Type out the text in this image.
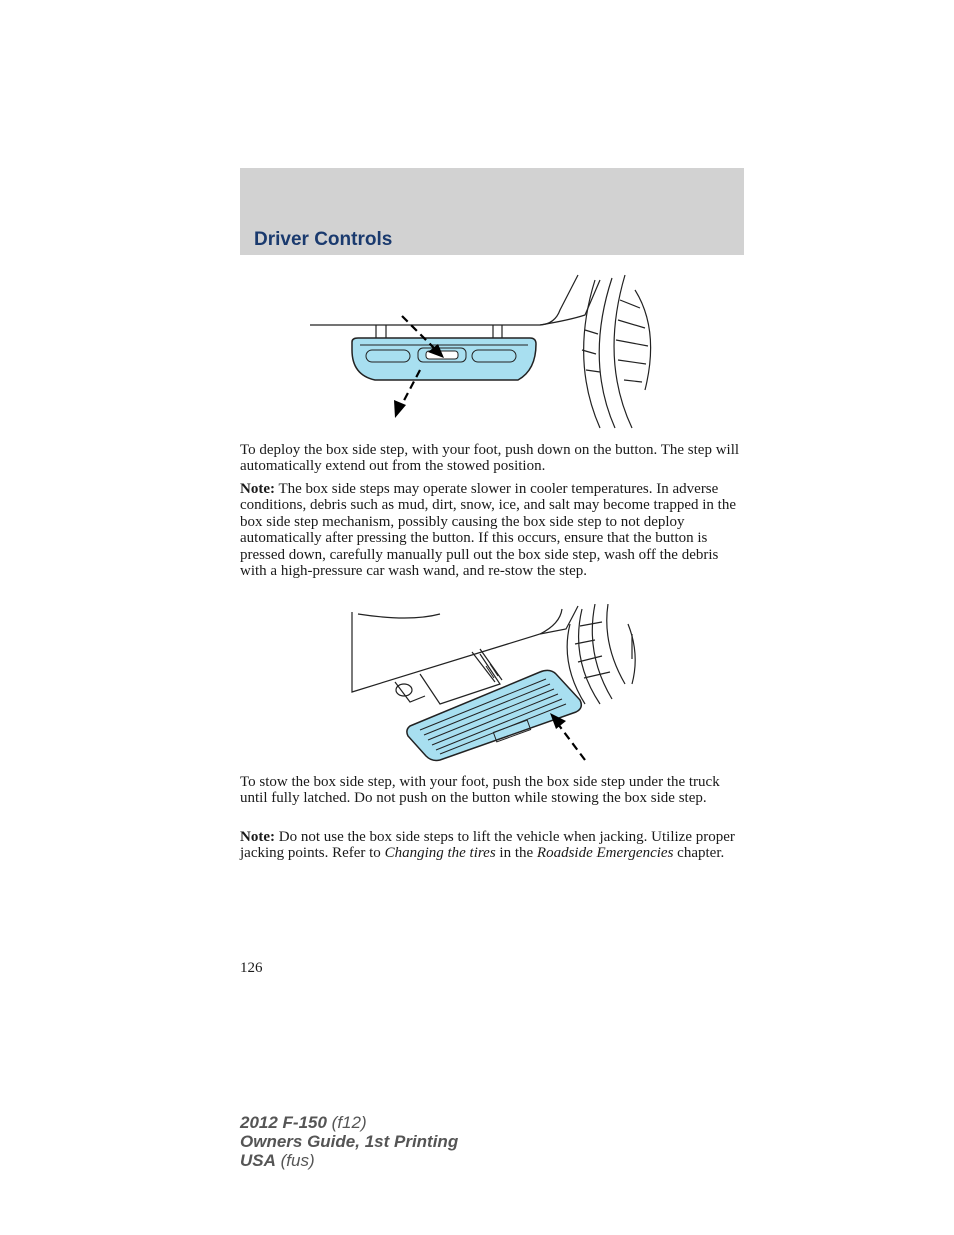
Driver Controls

To deploy the box side step, with your foot, push down on the button. The step will automatically extend out from the stowed position.

Note: The box side steps may operate slower in cooler temperatures. In adverse conditions, debris such as mud, dirt, snow, ice, and salt may become trapped in the box side step mechanism, possibly causing the box side step to not deploy automatically after pressing the button. If this occurs, ensure that the button is pressed down, carefully manually pull out the box side step, wash off the debris with a high-pressure car wash wand, and re-stow the step.

To stow the box side step, with your foot, push the box side step under the truck until fully latched. Do not push on the button while stowing the box side step.

Note: Do not use the box side steps to lift the vehicle when jacking. Utilize proper jacking points. Refer to Changing the tires in the Roadside Emergencies chapter.

126

2012 F-150 (f12)
Owners Guide, 1st Printing
USA (fus)
